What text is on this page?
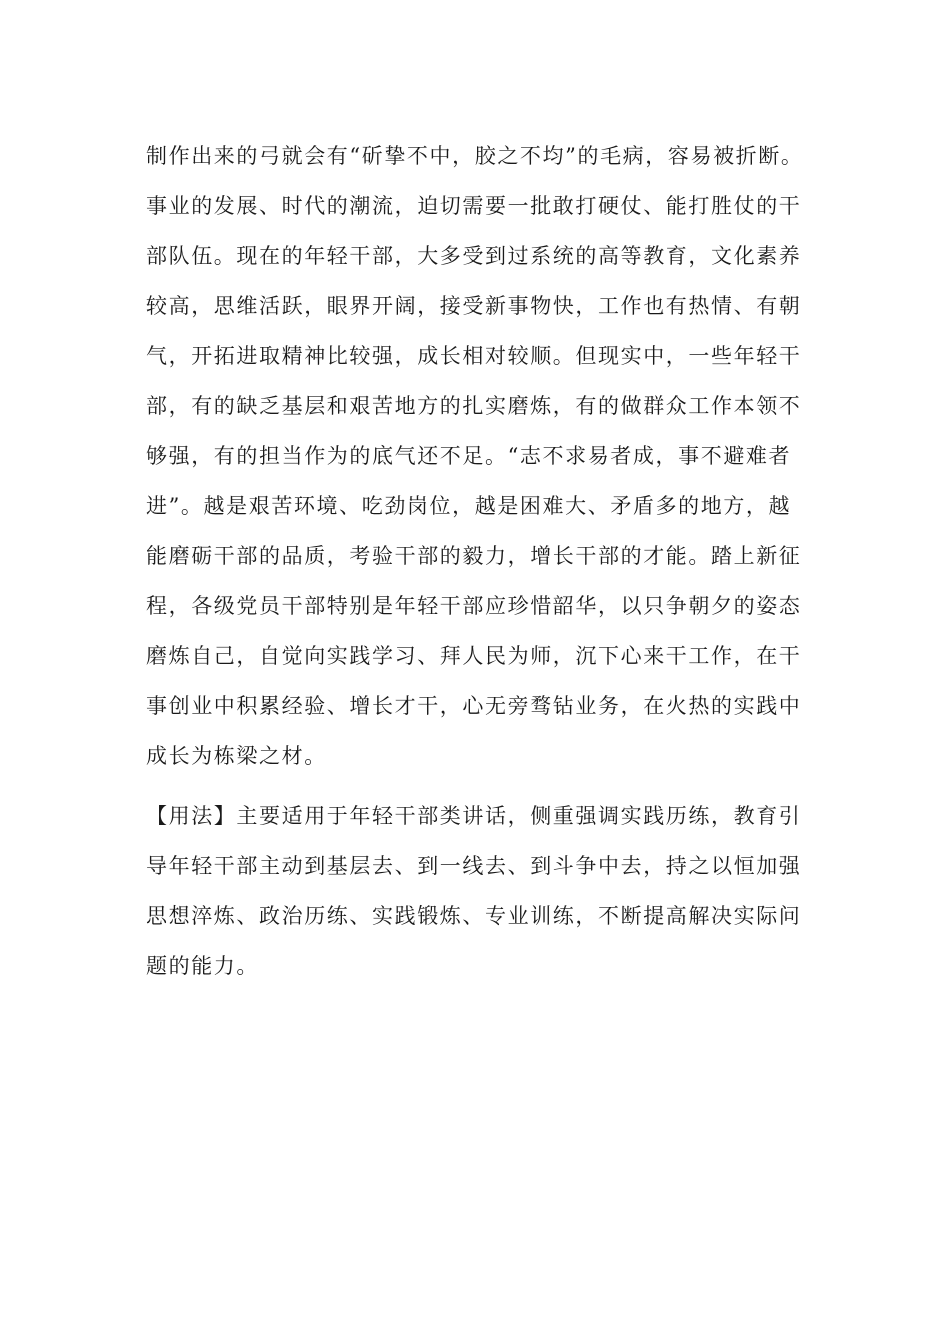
制作出来的弓就会有“斫挚不中，胶之不均”的毛病，容易被折断。
事业的发展、时代的潮流，迫切需要一批敢打硬仗、能打胜仗的干
部队伍。现在的年轻干部，大多受到过系统的高等教育，文化素养
较高，思维活跃，眼界开阔，接受新事物快，工作也有热情、有朝
气，开拓进取精神比较强，成长相对较顺。但现实中，一些年轻干
部，有的缺乏基层和艰苦地方的扎实磨炼，有的做群众工作本领不
够强，有的担当作为的底气还不足。“志不求易者成，事不避难者
进”。越是艰苦环境、吃劲岗位，越是困难大、矛盾多的地方，越
能磨砺干部的品质，考验干部的毅力，增长干部的才能。踏上新征
程，各级党员干部特别是年轻干部应珍惜韶华，以只争朝夕的姿态
磨炼自己，自觉向实践学习、拜人民为师，沉下心来干工作，在干
事创业中积累经验、增长才干，心无旁骛钻业务，在火热的实践中
成长为栋梁之材。

【用法】主要适用于年轻干部类讲话，侧重强调实践历练，教育引
导年轻干部主动到基层去、到一线去、到斗争中去，持之以恒加强
思想淬炼、政治历练、实践锻炼、专业训练，不断提高解决实际问
题的能力。
